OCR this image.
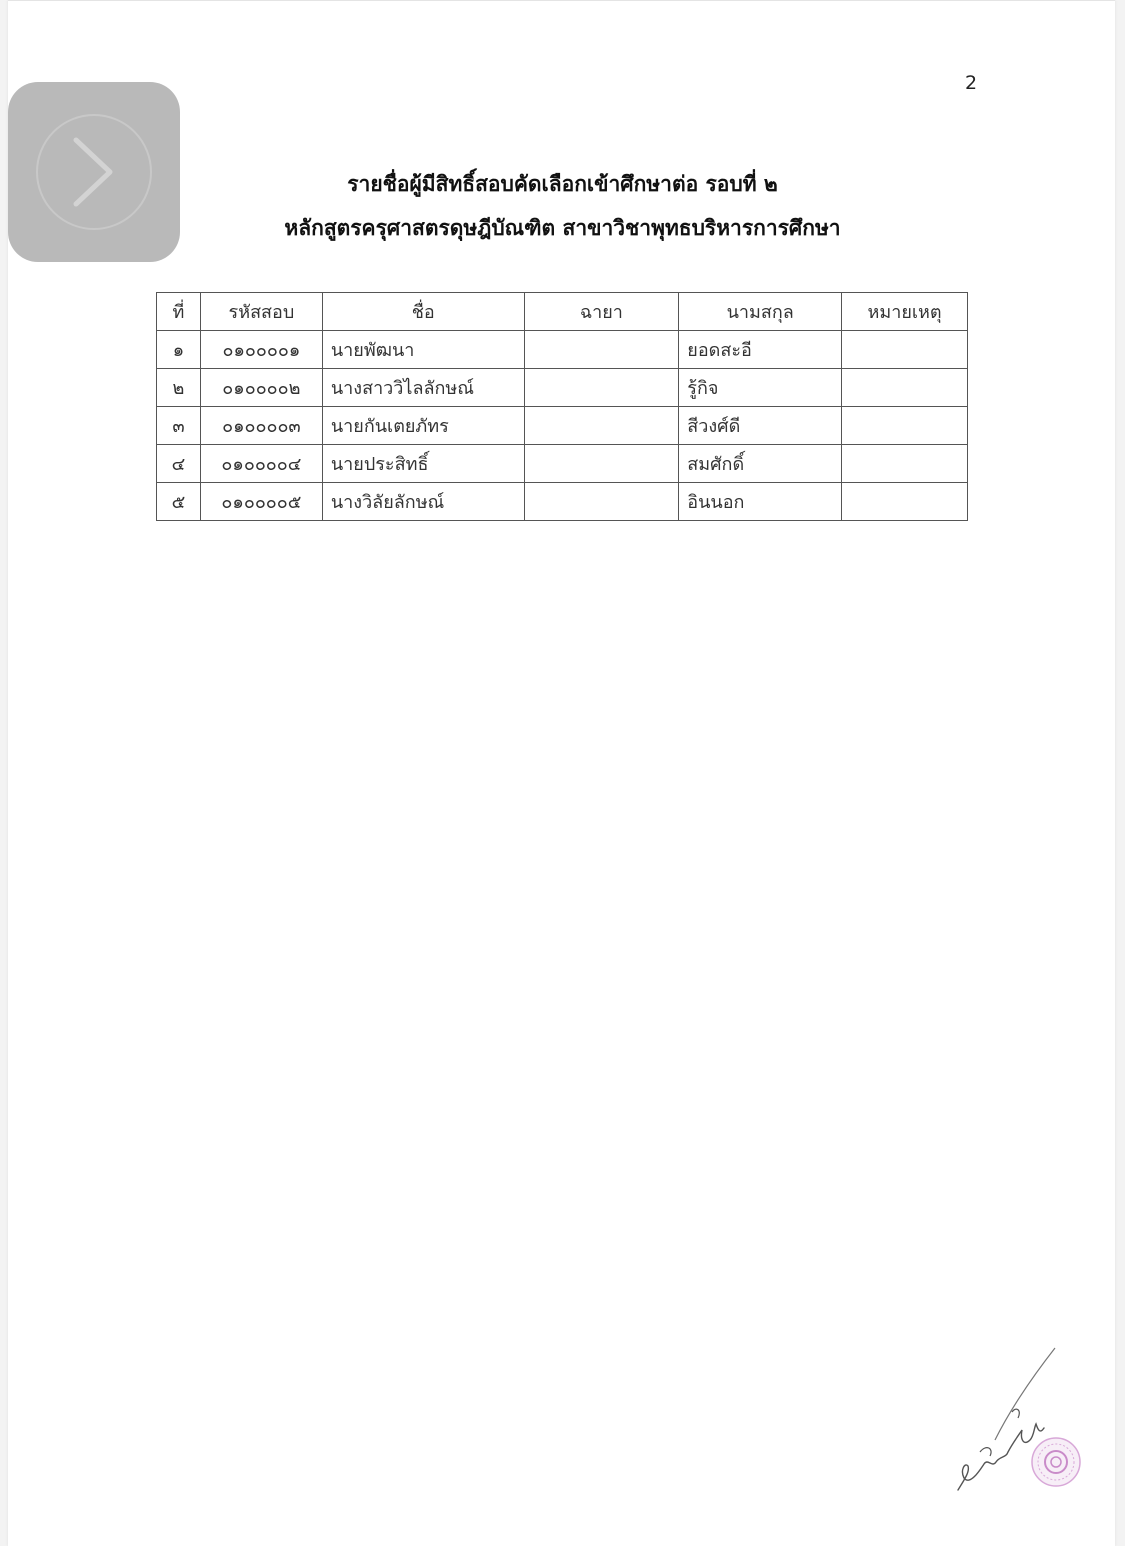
2
รายชื่อผู้มีสิทธิ์สอบคัดเลือกเข้าศึกษาต่อ รอบที่ ๒
หลักสูตรครุศาสตรดุษฎีบัณฑิต สาขาวิชาพุทธบริหารการศึกษา
ที่	รหัสสอบ	ชื่อ	ฉายา	นามสกุล	หมายเหตุ
๑	๐๑๐๐๐๐๑	นายพัฒนา		ยอดสะอี	
๒	๐๑๐๐๐๐๒	นางสาววิไลลักษณ์		รู้กิจ	
๓	๐๑๐๐๐๐๓	นายกันเตยภัทร		สีวงศ์ดี	
๔	๐๑๐๐๐๐๔	นายประสิทธิ์		สมศักดิ์	
๕	๐๑๐๐๐๐๕	นางวิลัยลักษณ์		อินนอก	
